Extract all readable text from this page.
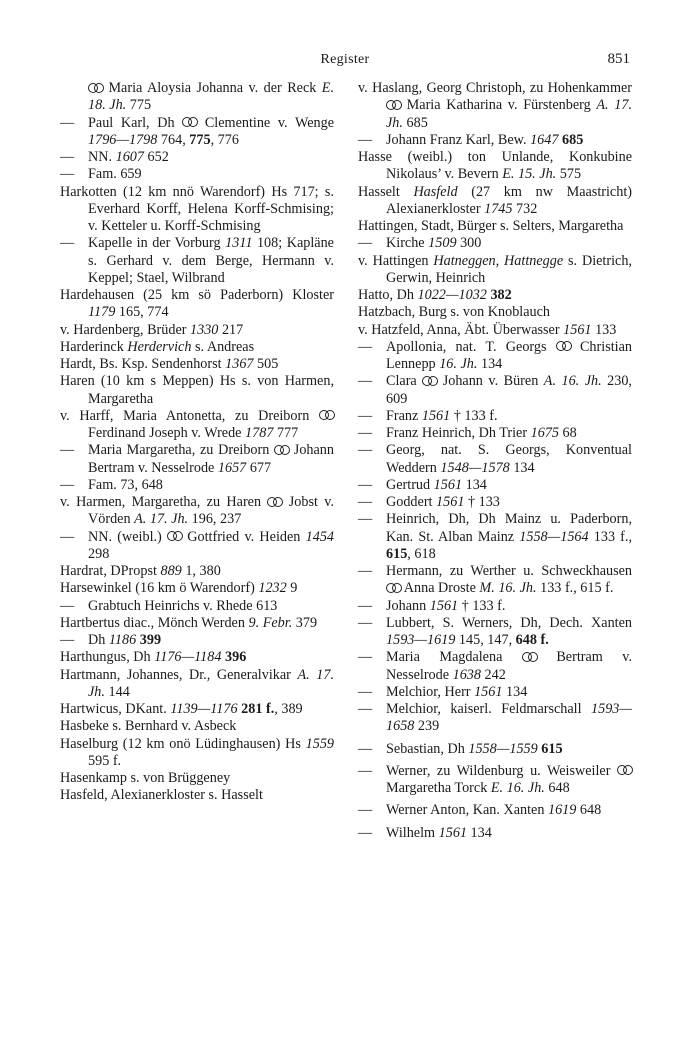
Register	851
Maria Aloysia Johanna v. der Reck E. 18. Jh. 775
— Paul Karl, Dh  Clementine v. Wenge 1796—1798 764, 775, 776
— NN. 1607 652
— Fam. 659
Harkotten (12 km nnö Warendorf) Hs 717; s. Everhard Korff, Helena Korff-Schmising; v. Ketteler u. Korff-Schmising
— Kapelle in der Vorburg 1311 108; Kapläne s. Gerhard v. dem Berge, Hermann v. Keppel; Stael, Wilbrand
Hardehausen (25 km sö Paderborn) Kloster 1179 165, 774
v. Hardenberg, Brüder 1330 217
Harderinck Herdervich s. Andreas
Hardt, Bs. Ksp. Sendenhorst 1367 505
Haren (10 km s Meppen) Hs s. von Harmen, Margaretha
v. Harff, Maria Antonetta, zu Dreiborn  Ferdinand Joseph v. Wrede 1787 777
— Maria Margaretha, zu Dreiborn  Johann Bertram v. Nesselrode 1657 677
— Fam. 73, 648
v. Harmen, Margaretha, zu Haren  Jobst v. Vörden A. 17. Jh. 196, 237
— NN. (weibl.)  Gottfried v. Heiden 1454 298
Hardrat, DPropst 889 1, 380
Harsewinkel (16 km ö Warendorf) 1232 9
— Grabtuch Heinrichs v. Rhede 613
Hartbertus diac., Mönch Werden 9. Febr. 379
— Dh 1186 399
Harthungus, Dh 1176—1184 396
Hartmann, Johannes, Dr., Generalvikar A. 17. Jh. 144
Hartwicus, DKant. 1139—1176 281 f., 389
Hasbeke s. Bernhard v. Asbeck
Haselburg (12 km onö Lüdinghausen) Hs 1559 595 f.
Hasenkamp s. von Brüggeney
Hasfeld, Alexianerkloster s. Hasselt
v. Haslang, Georg Christoph, zu Hohenkammer  Maria Katharina v. Fürstenberg A. 17. Jh. 685
— Johann Franz Karl, Bew. 1647 685
Hasse (weibl.) ton Unlande, Konkubine Nikolaus’ v. Bevern E. 15. Jh. 575
Hasselt Hasfeld (27 km nw Maastricht) Alexianerkloster 1745 732
Hattingen, Stadt, Bürger s. Selters, Margaretha
— Kirche 1509 300
v. Hattingen Hatneggen, Hattnegge s. Dietrich, Gerwin, Heinrich
Hatto, Dh 1022—1032 382
Hatzbach, Burg s. von Knoblauch
v. Hatzfeld, Anna, Äbt. Überwasser 1561 133
— Apollonia, nat. T. Georgs  Christian Lennepp 16. Jh. 134
— Clara  Johann v. Büren A. 16. Jh. 230, 609
— Franz 1561 † 133 f.
— Franz Heinrich, Dh Trier 1675 68
— Georg, nat. S. Georgs, Konventual Weddern 1548—1578 134
— Gertrud 1561 134
— Goddert 1561 † 133
— Heinrich, Dh, Dh Mainz u. Paderborn, Kan. St. Alban Mainz 1558—1564 133 f., 615, 618
— Hermann, zu Werther u. Schweckhausen  Anna Droste M. 16. Jh. 133 f., 615 f.
— Johann 1561 † 133 f.
— Lubbert, S. Werners, Dh, Dech. Xanten 1593—1619 145, 147, 648 f.
— Maria Magdalena  Bertram v. Nesselrode 1638 242
— Melchior, Herr 1561 134
— Melchior, kaiserl. Feldmarschall 1593—1658 239
— Sebastian, Dh 1558—1559 615
— Werner, zu Wildenburg u. Weisweiler  Margaretha Torck E. 16. Jh. 648
— Werner Anton, Kan. Xanten 1619 648
— Wilhelm 1561 134
